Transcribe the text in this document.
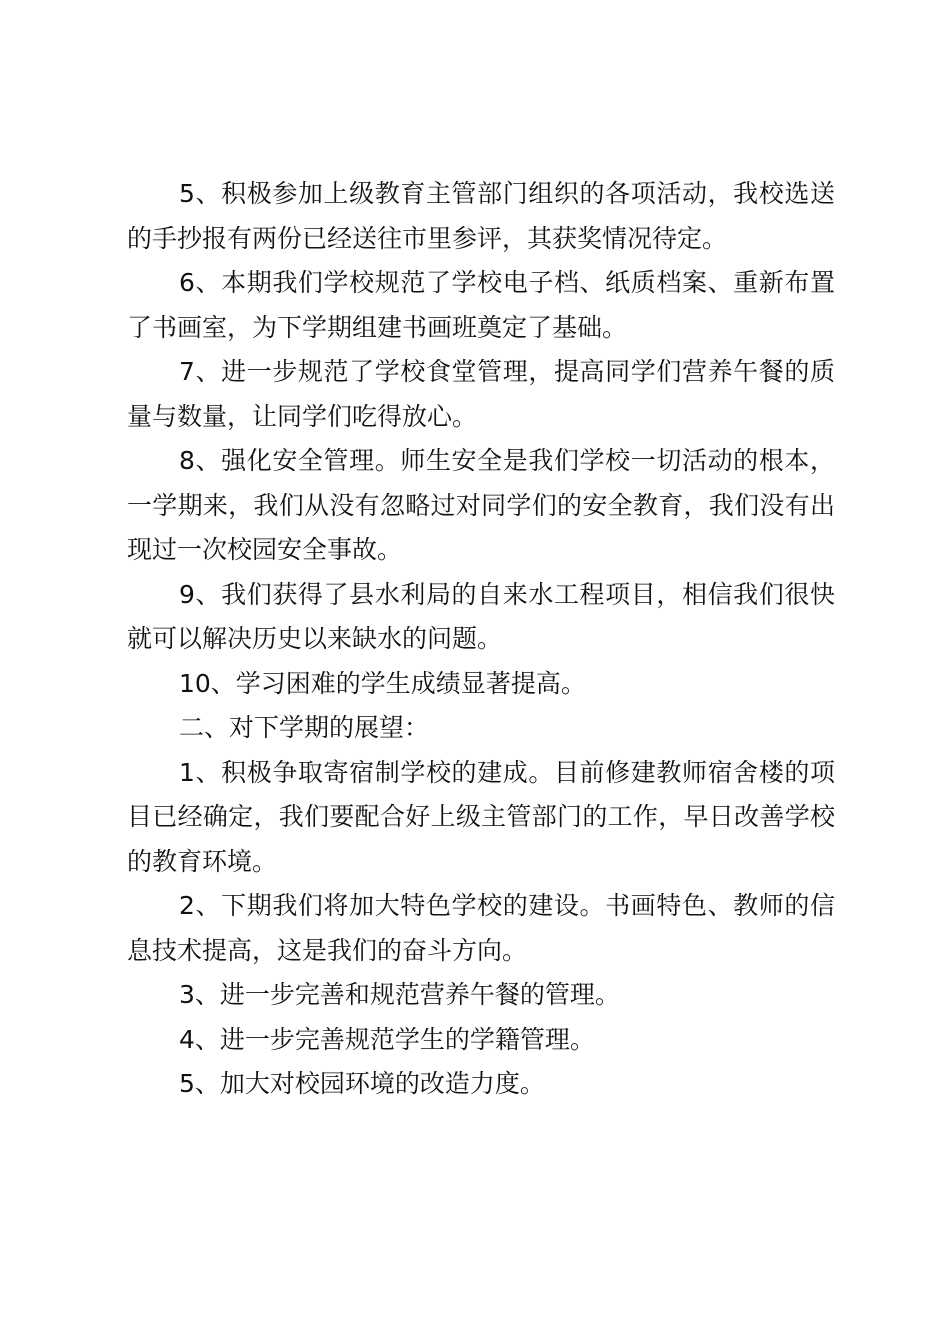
5、积极参加上级教育主管部门组织的各项活动，我校选送的手抄报有两份已经送往市里参评，其获奖情况待定。

6、本期我们学校规范了学校电子档、纸质档案、重新布置了书画室，为下学期组建书画班奠定了基础。

7、进一步规范了学校食堂管理，提高同学们营养午餐的质量与数量，让同学们吃得放心。

8、强化安全管理。师生安全是我们学校一切活动的根本，一学期来，我们从没有忽略过对同学们的安全教育，我们没有出现过一次校园安全事故。

9、我们获得了县水利局的自来水工程项目，相信我们很快就可以解决历史以来缺水的问题。

10、学习困难的学生成绩显著提高。

二、对下学期的展望：

1、积极争取寄宿制学校的建成。目前修建教师宿舍楼的项目已经确定，我们要配合好上级主管部门的工作，早日改善学校的教育环境。

2、下期我们将加大特色学校的建设。书画特色、教师的信息技术提高，这是我们的奋斗方向。

3、进一步完善和规范营养午餐的管理。

4、进一步完善规范学生的学籍管理。

5、加大对校园环境的改造力度。
